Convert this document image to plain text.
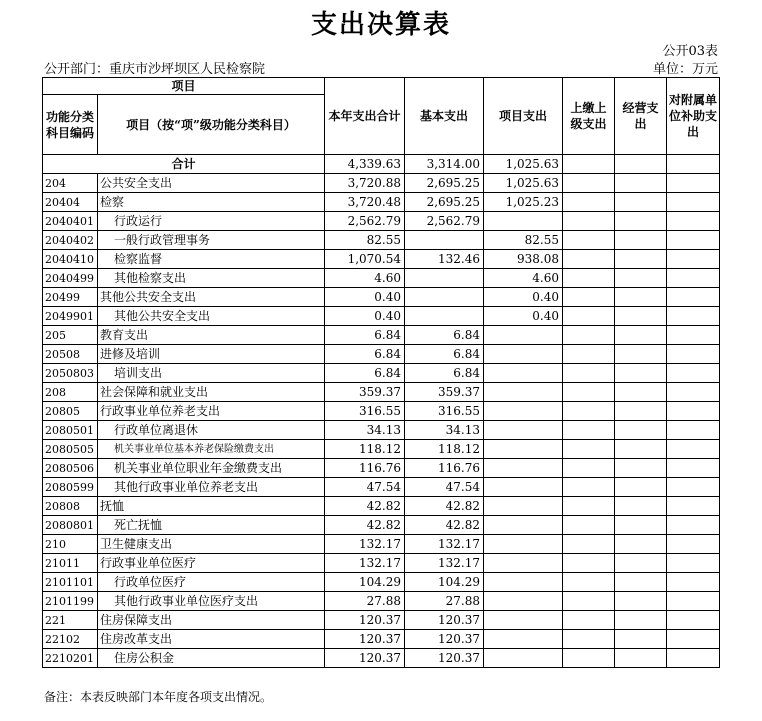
支出决算表
公开03表
公开部门：重庆市沙坪坝区人民检察院	单位：万元
项目		本年支出合计	基本支出	项目支出	上缴上级支出	经营支出	对附属单位补助支出
功能分类科目编码	项目（按“项”级功能分类科目）						
合计		4,339.63	3,314.00	1,025.63			
204	公共安全支出	3,720.88	2,695.25	1,025.63			
20404	检察	3,720.48	2,695.25	1,025.23			
2040401	行政运行	2,562.79	2,562.79				
2040402	一般行政管理事务	82.55		82.55			
2040410	检察监督	1,070.54	132.46	938.08			
2040499	其他检察支出	4.60		4.60			
20499	其他公共安全支出	0.40		0.40			
2049901	其他公共安全支出	0.40		0.40			
205	教育支出	6.84	6.84				
20508	进修及培训	6.84	6.84				
2050803	培训支出	6.84	6.84				
208	社会保障和就业支出	359.37	359.37				
20805	行政事业单位养老支出	316.55	316.55				
2080501	行政单位离退休	34.13	34.13				
2080505	机关事业单位基本养老保险缴费支出	118.12	118.12				
2080506	机关事业单位职业年金缴费支出	116.76	116.76				
2080599	其他行政事业单位养老支出	47.54	47.54				
20808	抚恤	42.82	42.82				
2080801	死亡抚恤	42.82	42.82				
210	卫生健康支出	132.17	132.17				
21011	行政事业单位医疗	132.17	132.17				
2101101	行政单位医疗	104.29	104.29				
2101199	其他行政事业单位医疗支出	27.88	27.88				
221	住房保障支出	120.37	120.37				
22102	住房改革支出	120.37	120.37				
2210201	住房公积金	120.37	120.37				
备注：本表反映部门本年度各项支出情况。
